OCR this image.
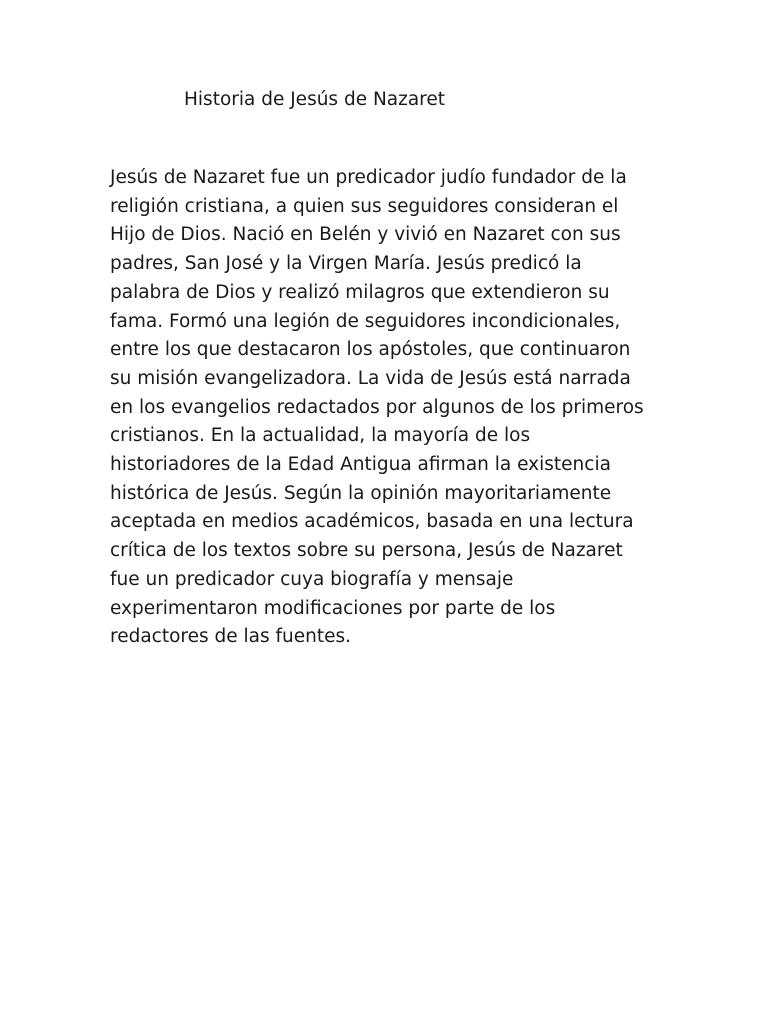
Historia de Jesús de Nazaret

Jesús de Nazaret fue un predicador judío fundador de la
religión cristiana, a quien sus seguidores consideran el
Hijo de Dios. Nació en Belén y vivió en Nazaret con sus
padres, San José y la Virgen María. Jesús predicó la
palabra de Dios y realizó milagros que extendieron su
fama. Formó una legión de seguidores incondicionales,
entre los que destacaron los apóstoles, que continuaron
su misión evangelizadora. La vida de Jesús está narrada
en los evangelios redactados por algunos de los primeros
cristianos. En la actualidad, la mayoría de los
historiadores de la Edad Antigua afirman la existencia
histórica de Jesús. Según la opinión mayoritariamente
aceptada en medios académicos, basada en una lectura
crítica de los textos sobre su persona, Jesús de Nazaret
fue un predicador cuya biografía y mensaje
experimentaron modificaciones por parte de los
redactores de las fuentes.
